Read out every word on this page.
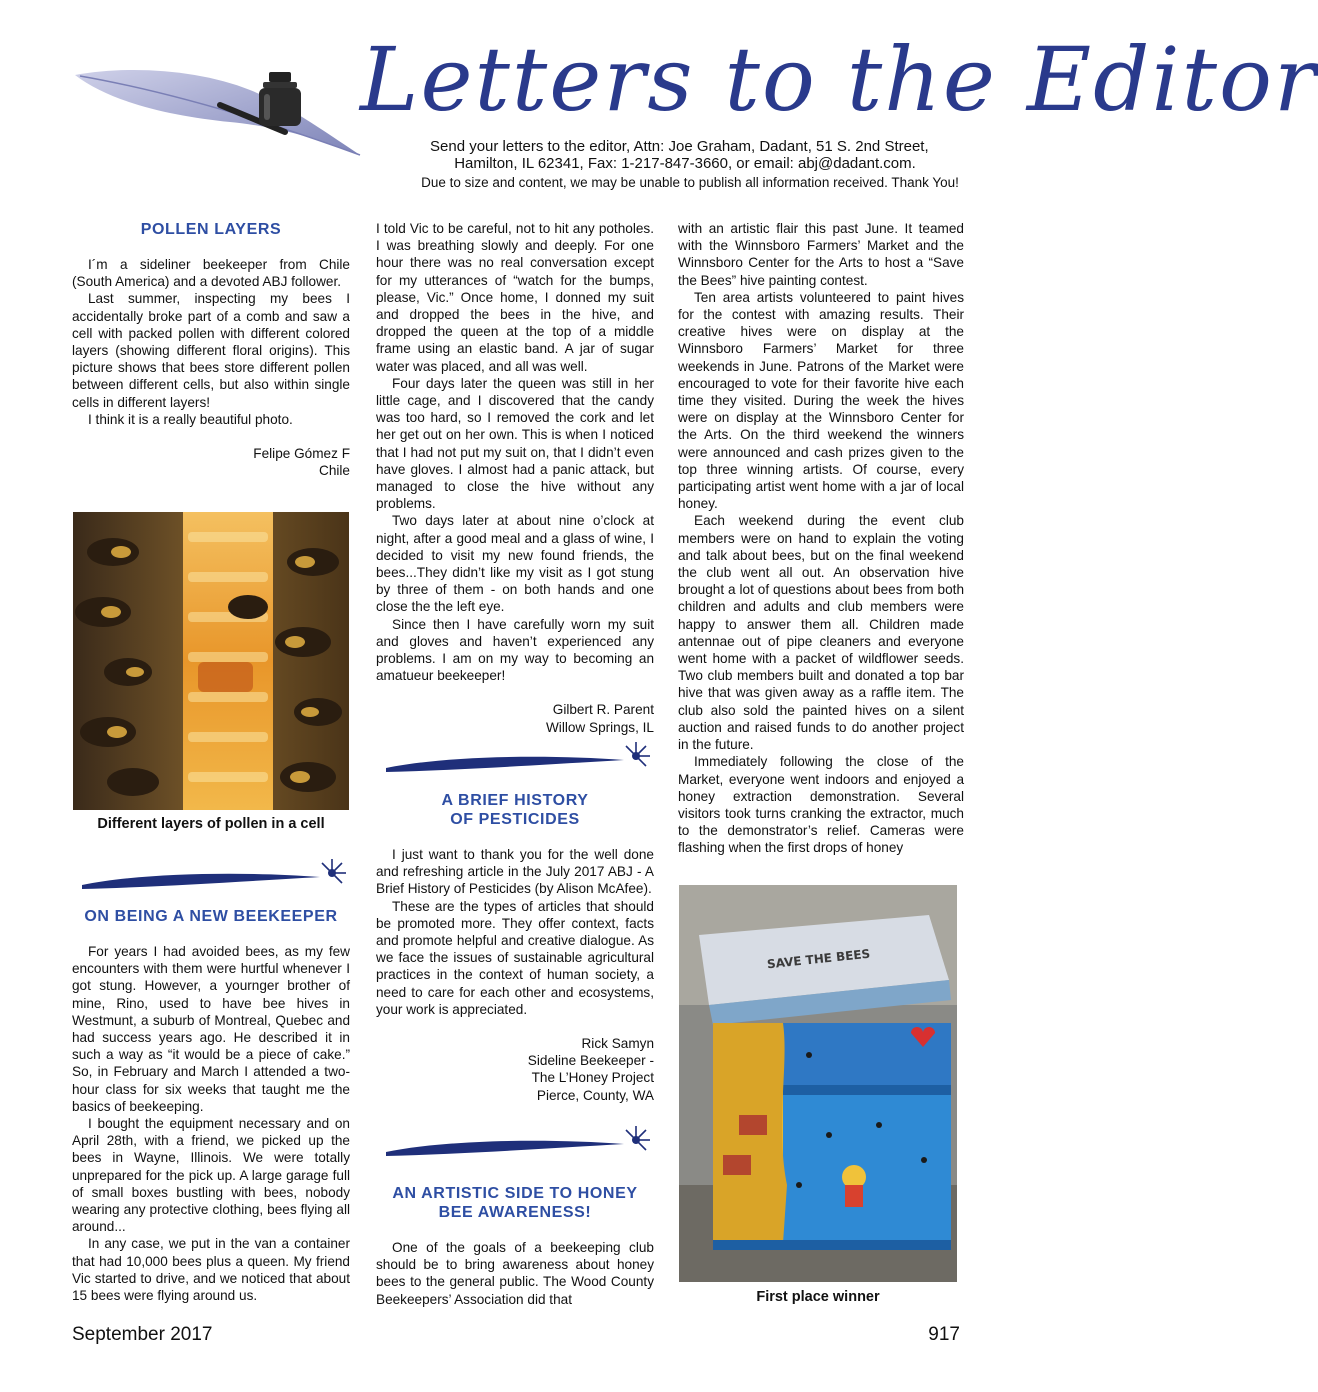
Letters to the Editor
Send your letters to the editor, Attn: Joe Graham, Dadant, 51 S. 2nd Street,
Hamilton, IL 62341, Fax: 1-217-847-3660, or email: abj@dadant.com.
Due to size and content, we may be unable to publish all information received. Thank You!
POLLEN LAYERS

I´m a sideliner beekeeper from Chile (South America) and a devoted ABJ follower.

Last summer, inspecting my bees I accidentally broke part of a comb and saw a cell with packed pollen with different colored layers (showing different floral origins). This picture shows that bees store different pollen between different cells, but also within single cells in different layers!

I think it is a really beautiful photo.

Felipe Gómez F

Chile

Different layers of pollen in a cell
ON BEING A NEW BEEKEEPER

For years I had avoided bees, as my few encounters with them were hurtful whenever I got stung. However, a yournger brother of mine, Rino, used to have bee hives in Westmunt, a suburb of Montreal, Quebec and had success years ago. He described it in such a way as “it would be a piece of cake.” So, in February and March I attended a two-hour class for six weeks that taught me the basics of beekeeping.

I bought the equipment necessary and on April 28th, with a friend, we picked up the bees in Wayne, Illinois. We were totally unprepared for the pick up. A large garage full of small boxes bustling with bees, nobody wearing any protective clothing, bees flying all around...

In any case, we put in the van a container that had 10,000 bees plus a queen. My friend Vic started to drive, and we noticed that about 15 bees were flying around us.

I told Vic to be careful, not to hit any potholes. I was breathing slowly and deeply. For one hour there was no real conversation except for my utterances of “watch for the bumps, please, Vic.” Once home, I donned my suit and dropped the bees in the hive, and dropped the queen at the top of a middle frame using an elastic band. A jar of sugar water was placed, and all was well.

Four days later the queen was still in her little cage, and I discovered that the candy was too hard, so I removed the cork and let her get out on her own. This is when I noticed that I had not put my suit on, that I didn’t even have gloves. I almost had a panic attack, but managed to close the hive without any problems.

Two days later at about nine o’clock at night, after a good meal and a glass of wine, I decided to visit my new found friends, the bees...They didn’t like my visit as I got stung by three of them - on both hands and one close the the left eye.

Since then I have carefully worn my suit and gloves and haven’t experienced any problems. I am on my way to becoming an amatueur beekeeper!

Gilbert R. Parent

Willow Springs, IL

A BRIEF HISTORY
OF PESTICIDES

I just want to thank you for the well done and refreshing article in the July 2017 ABJ - A Brief History of Pesticides (by Alison McAfee).

These are the types of articles that should be promoted more. They offer context, facts and promote helpful and creative dialogue. As we face the issues of sustainable agricultural practices in the context of human society, a need to care for each other and ecosystems, your work is appreciated.

Rick Samyn

Sideline Beekeeper -

The L’Honey Project

Pierce, County, WA

AN ARTISTIC SIDE TO HONEY
BEE AWARENESS!

One of the goals of a beekeeping club should be to bring awareness about honey bees to the general public. The Wood County Beekeepers’ Association did that

with an artistic flair this past June. It teamed with the Winnsboro Farmers’ Market and the Winnsboro Center for the Arts to host a “Save the Bees” hive painting contest.

Ten area artists volunteered to paint hives for the contest with amazing results. Their creative hives were on display at the Winnsboro Farmers’ Market for three weekends in June. Patrons of the Market were encouraged to vote for their favorite hive each time they visited. During the week the hives were on display at the Winnsboro Center for the Arts. On the third weekend the winners were announced and cash prizes given to the top three winning artists. Of course, every participating artist went home with a jar of local honey.

Each weekend during the event club members were on hand to explain the voting and talk about bees, but on the final weekend the club went all out. An observation hive brought a lot of questions about bees from both children and adults and club members were happy to answer them all. Children made antennae out of pipe cleaners and everyone went home with a packet of wildflower seeds. Two club members built and donated a top bar hive that was given away as a raffle item. The club also sold the painted hives on a silent auction and raised funds to do another project in the future.

Immediately following the close of the Market, everyone went indoors and enjoyed a honey extraction demonstration. Several visitors took turns cranking the extractor, much to the demonstrator’s relief. Cameras were flashing when the first drops of honey

SAVE THE BEES
First place winner
September 2017	917
